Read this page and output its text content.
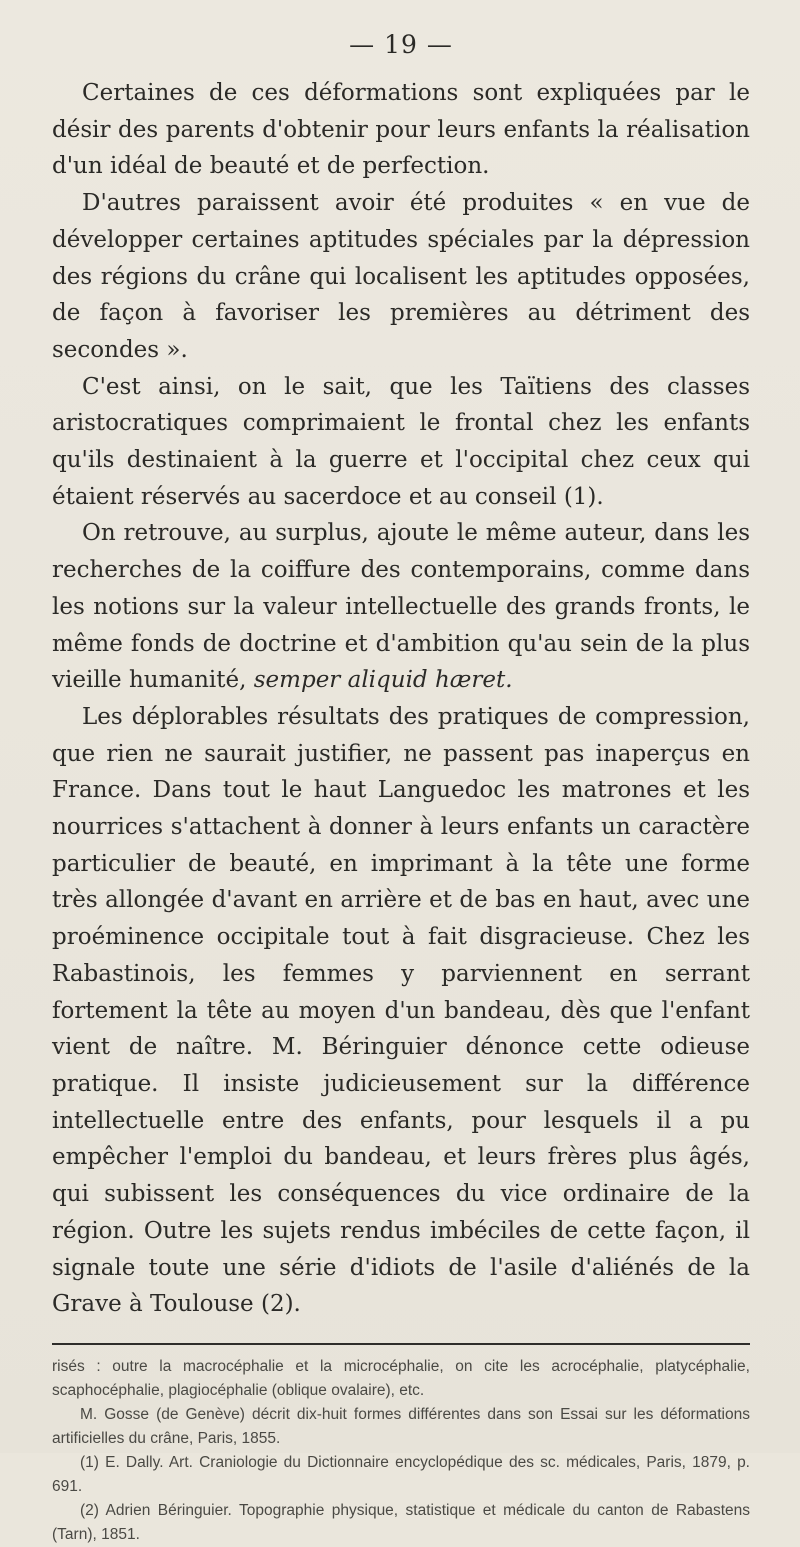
— 19 —

Certaines de ces déformations sont expliquées par le désir des parents d'obtenir pour leurs enfants la réalisation d'un idéal de beauté et de perfection.

D'autres paraissent avoir été produites « en vue de développer certaines aptitudes spéciales par la dépression des régions du crâne qui localisent les aptitudes opposées, de façon à favoriser les premières au détriment des secondes ».

C'est ainsi, on le sait, que les Taïtiens des classes aristocratiques comprimaient le frontal chez les enfants qu'ils destinaient à la guerre et l'occipital chez ceux qui étaient réservés au sacerdoce et au conseil (1).

On retrouve, au surplus, ajoute le même auteur, dans les recherches de la coiffure des contemporains, comme dans les notions sur la valeur intellectuelle des grands fronts, le même fonds de doctrine et d'ambition qu'au sein de la plus vieille humanité, semper aliquid hæret.

Les déplorables résultats des pratiques de compression, que rien ne saurait justifier, ne passent pas inaperçus en France. Dans tout le haut Languedoc les matrones et les nourrices s'attachent à donner à leurs enfants un caractère particulier de beauté, en imprimant à la tête une forme très allongée d'avant en arrière et de bas en haut, avec une proéminence occipitale tout à fait disgracieuse. Chez les Rabastinois, les femmes y parviennent en serrant fortement la tête au moyen d'un bandeau, dès que l'enfant vient de naître. M. Béringuier dénonce cette odieuse pratique. Il insiste judicieusement sur la différence intellectuelle entre des enfants, pour lesquels il a pu empêcher l'emploi du bandeau, et leurs frères plus âgés, qui subissent les conséquences du vice ordinaire de la région. Outre les sujets rendus imbéciles de cette façon, il signale toute une série d'idiots de l'asile d'aliénés de la Grave à Toulouse (2).

risés : outre la macrocéphalie et la microcéphalie, on cite les acrocéphalie, platycéphalie, scaphocéphalie, plagiocéphalie (oblique ovalaire), etc.

M. Gosse (de Genève) décrit dix-huit formes différentes dans son Essai sur les déformations artificielles du crâne, Paris, 1855.

(1) E. Dally. Art. Craniologie du Dictionnaire encyclopédique des sc. médicales, Paris, 1879, p. 691.

(2) Adrien Béringuier. Topographie physique, statistique et médicale du canton de Rabastens (Tarn), 1851.
